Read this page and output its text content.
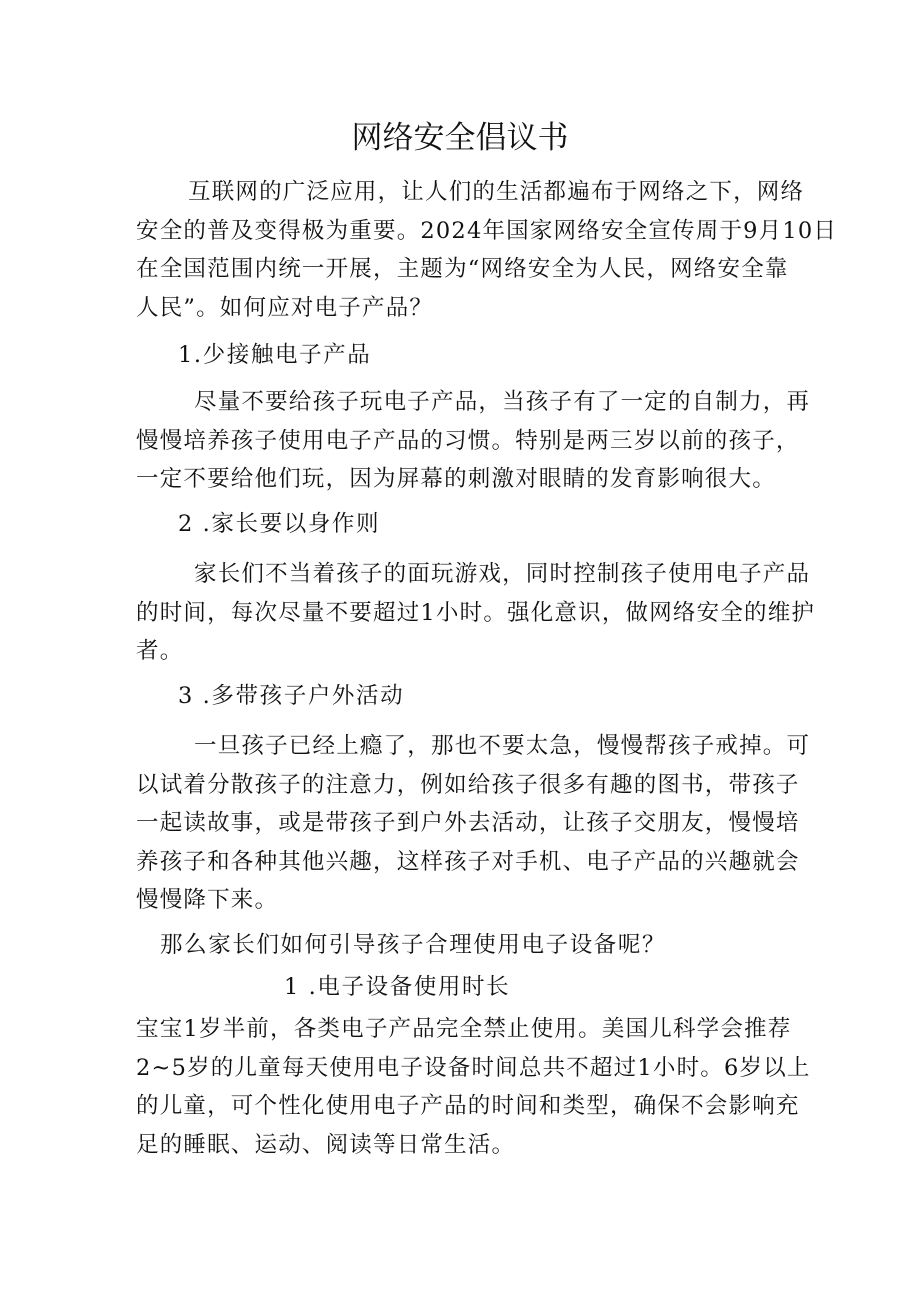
网络安全倡议书
互联网的广泛应用，让人们的生活都遍布于网络之下，网络
安全的普及变得极为重要。2024年国家网络安全宣传周于9月10日
在全国范围内统一开展，主题为“网络安全为人民，网络安全靠
人民”。如何应对电子产品？
1.少接触电子产品
尽量不要给孩子玩电子产品，当孩子有了一定的自制力，再
慢慢培养孩子使用电子产品的习惯。特别是两三岁以前的孩子，
一定不要给他们玩，因为屏幕的刺激对眼睛的发育影响很大。
2 .家长要以身作则
家长们不当着孩子的面玩游戏，同时控制孩子使用电子产品
的时间，每次尽量不要超过1小时。强化意识，做网络安全的维护
者。
3 .多带孩子户外活动
一旦孩子已经上瘾了，那也不要太急，慢慢帮孩子戒掉。可
以试着分散孩子的注意力，例如给孩子很多有趣的图书，带孩子
一起读故事，或是带孩子到户外去活动，让孩子交朋友，慢慢培
养孩子和各种其他兴趣，这样孩子对手机、电子产品的兴趣就会
慢慢降下来。
那么家长们如何引导孩子合理使用电子设备呢？
1 .电子设备使用时长
宝宝1岁半前，各类电子产品完全禁止使用。美国儿科学会推荐
2~5岁的儿童每天使用电子设备时间总共不超过1小时。6岁以上
的儿童，可个性化使用电子产品的时间和类型，确保不会影响充
足的睡眠、运动、阅读等日常生活。
